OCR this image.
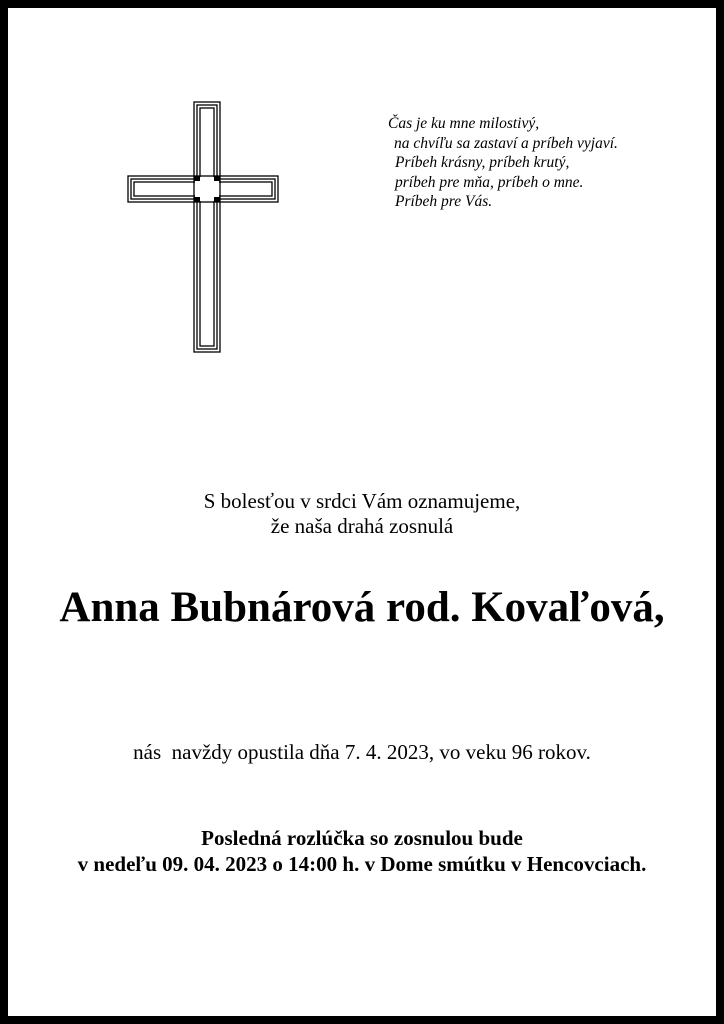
Čas je ku mne milostivý,
na chvíľu sa zastaví a príbeh vyjaví.
Príbeh krásny, príbeh krutý,
príbeh pre mňa, príbeh o mne.
Príbeh pre Vás.
S bolesťou v srdci Vám oznamujeme,
že naša drahá zosnulá
Anna Bubnárová rod. Kovaľová,
nás  navždy opustila dňa 7. 4. 2023, vo veku 96 rokov.
Posledná rozlúčka so zosnulou bude
v nedeľu 09. 04. 2023 o 14:00 h. v Dome smútku v Hencovciach.
